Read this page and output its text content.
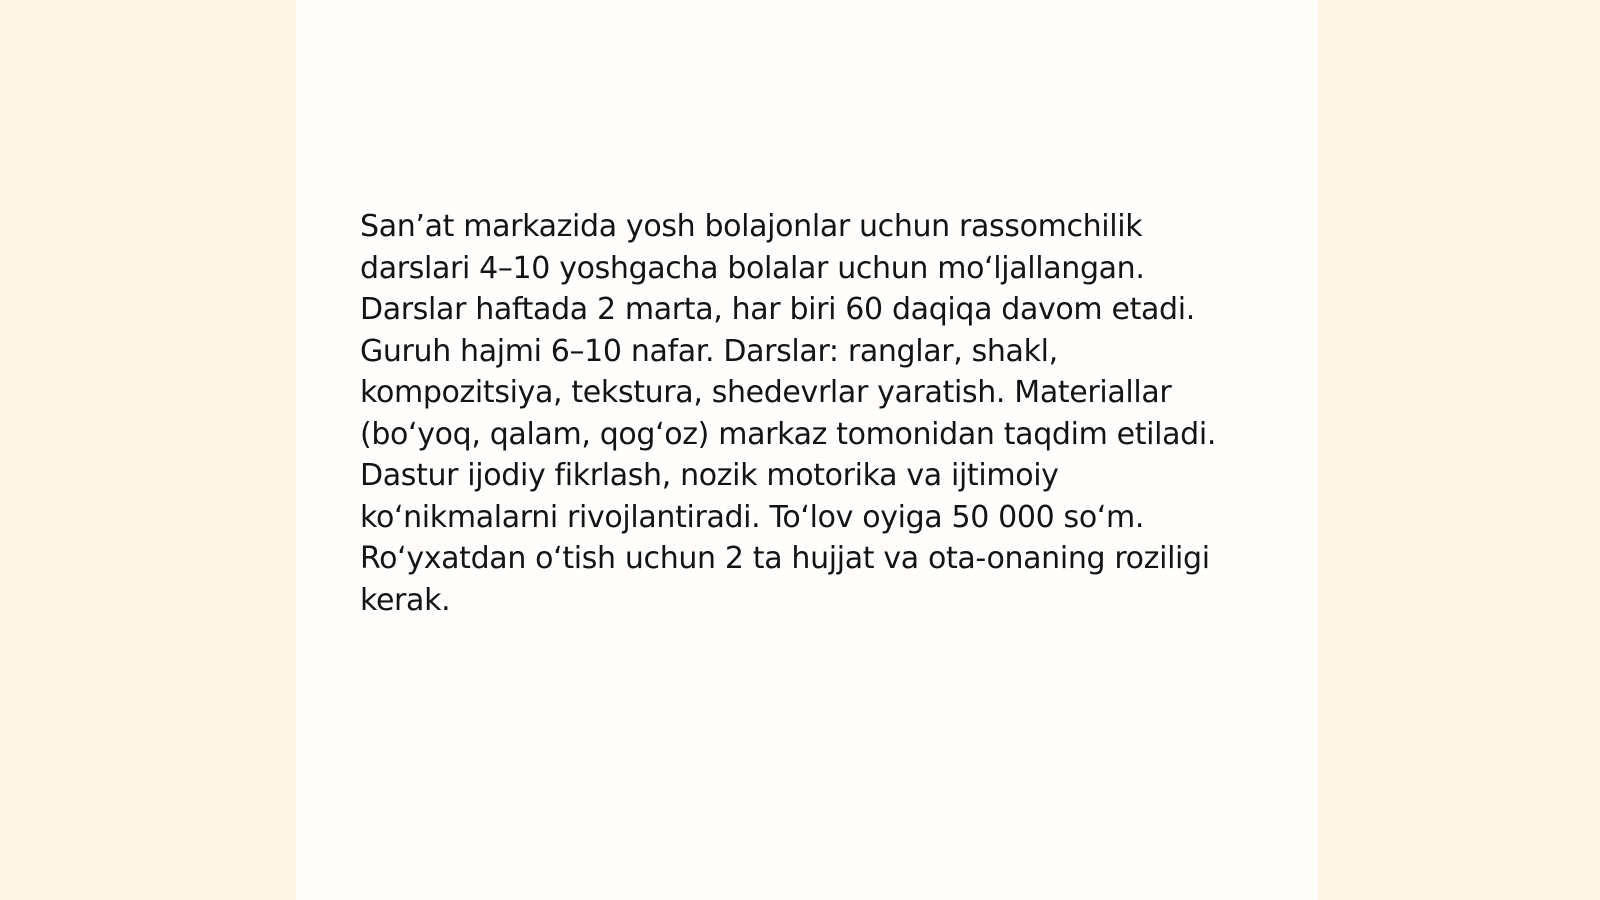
San’at markazida yosh bolajonlar uchun rassomchilik darslari 4–10 yoshgacha bolalar uchun mo‘ljallangan. Darslar haftada 2 marta, har biri 60 daqiqa davom etadi. Guruh hajmi 6–10 nafar. Darslar: ranglar, shakl, kompozitsiya, tekstura, shedevrlar yaratish. Materiallar (bo‘yoq, qalam, qog‘oz) markaz tomonidan taqdim etiladi. Dastur ijodiy fikrlash, nozik motorika va ijtimoiy ko‘nikmalarni rivojlantiradi. To‘lov oyiga 50 000 so‘m. Ro‘yxatdan o‘tish uchun 2 ta hujjat va ota-onaning roziligi kerak.
